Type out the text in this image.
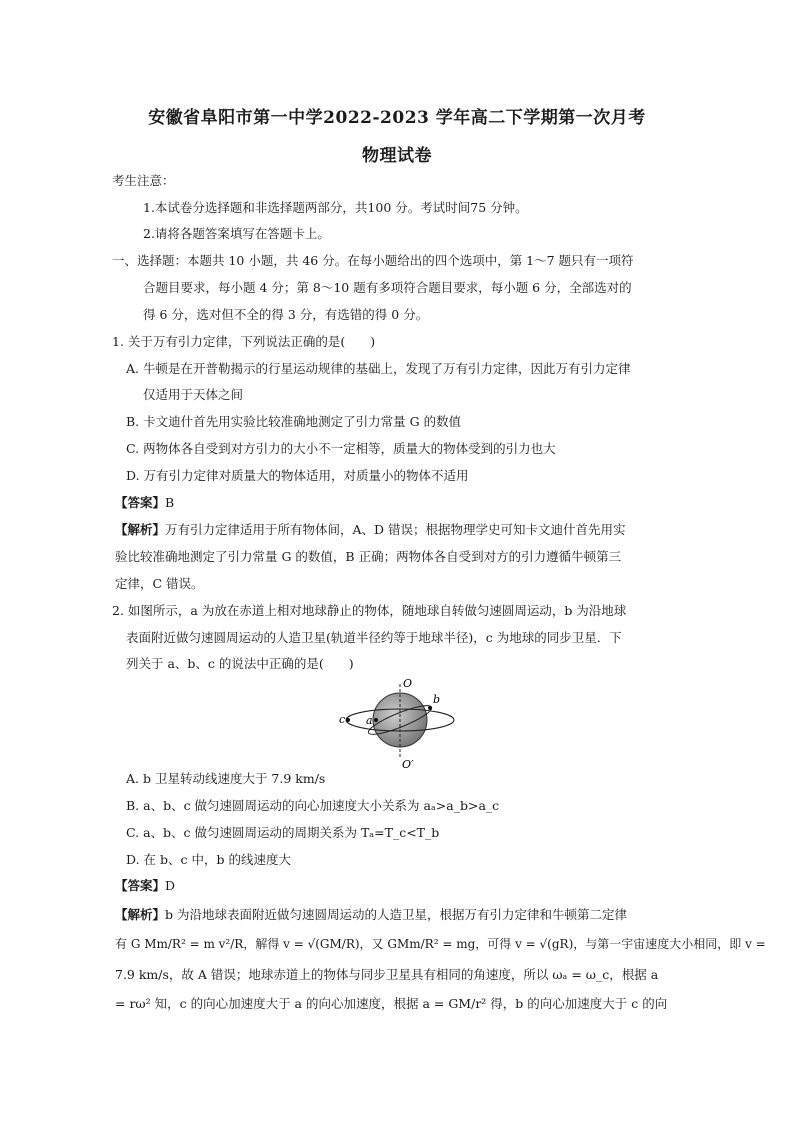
安徽省阜阳市第一中学2022-2023 学年高二下学期第一次月考
物理试卷
考生注意：
1.本试卷分选择题和非选择题两部分，共100 分。考试时间75 分钟。
2.请将各题答案填写在答题卡上。
一、选择题：本题共 10 小题，共 46 分。在每小题给出的四个选项中，第 1～7 题只有一项符
合题目要求，每小题 4 分；第 8～10 题有多项符合题目要求，每小题 6 分，全部选对的
得 6 分，选对但不全的得 3 分，有选错的得 0 分。
1. 关于万有引力定律，下列说法正确的是(　　)
A. 牛顿是在开普勒揭示的行星运动规律的基础上，发现了万有引力定律，因此万有引力定律
仅适用于天体之间
B. 卡文迪什首先用实验比较准确地测定了引力常量 G 的数值
C. 两物体各自受到对方引力的大小不一定相等，质量大的物体受到的引力也大
D. 万有引力定律对质量大的物体适用，对质量小的物体不适用
【答案】B
【解析】万有引力定律适用于所有物体间，A、D 错误；根据物理学史可知卡文迪什首先用实
验比较准确地测定了引力常量 G 的数值，B 正确；两物体各自受到对方的引力遵循牛顿第三
定律，C 错误。
2. 如图所示，a 为放在赤道上相对地球静止的物体，随地球自转做匀速圆周运动，b 为沿地球
表面附近做匀速圆周运动的人造卫星(轨道半径约等于地球半径)，c 为地球的同步卫星．下
列关于 a、b、c 的说法中正确的是(　　)
O
O′
a
b
c
A. b 卫星转动线速度大于 7.9 km/s
B. a、b、c 做匀速圆周运动的向心加速度大小关系为 aₐ>a_b>a_c
C. a、b、c 做匀速圆周运动的周期关系为 Tₐ=T_c<T_b
D. 在 b、c 中，b 的线速度大
【答案】D
【解析】b 为沿地球表面附近做匀速圆周运动的人造卫星，根据万有引力定律和牛顿第二定律
有 G Mm/R² = m v²/R，解得 v = √(GM/R)，又 GMm/R² = mg，可得 v = √(gR)，与第一宇宙速度大小相同，即 v =
7.9 km/s，故 A 错误；地球赤道上的物体与同步卫星具有相同的角速度，所以 ωₐ = ω_c，根据 a
= rω² 知，c 的向心加速度大于 a 的向心加速度，根据 a = GM/r² 得，b 的向心加速度大于 c 的向
